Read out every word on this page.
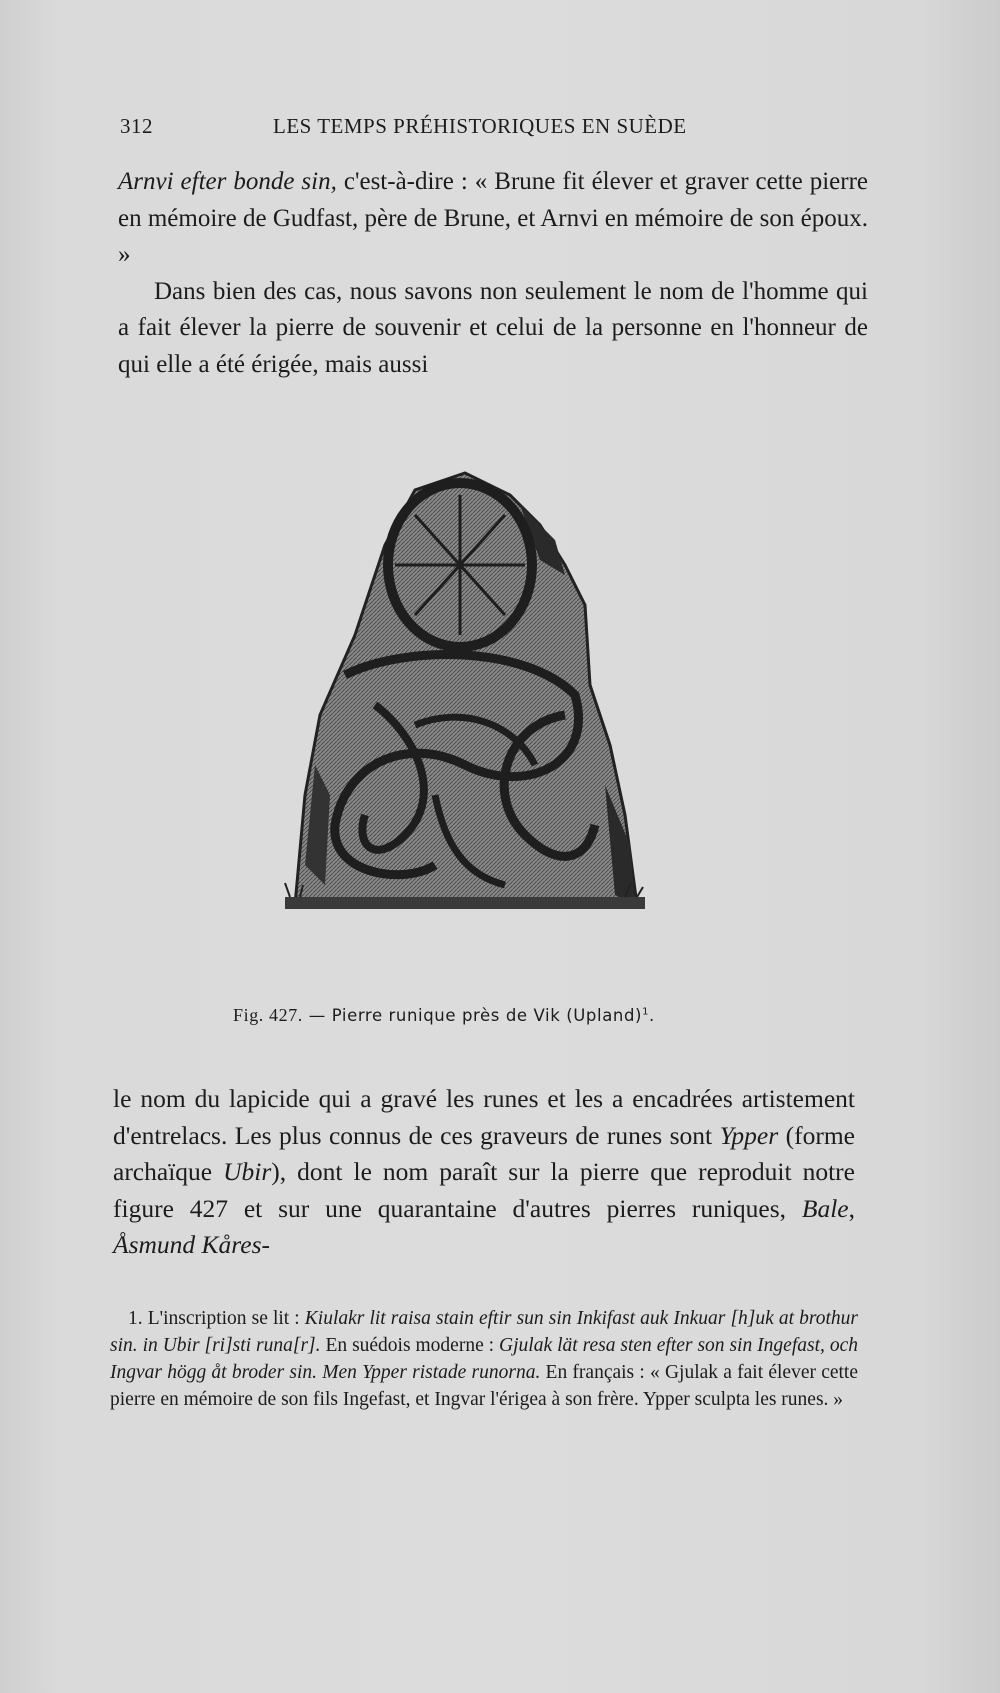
312	LES TEMPS PRÉHISTORIQUES EN SUÈDE

Arnvi efter bonde sin, c'est-à-dire : « Brune fit élever et graver cette pierre en mémoire de Gudfast, père de Brune, et Arnvi en mémoire de son époux. »

Dans bien des cas, nous savons non seulement le nom de l'homme qui a fait élever la pierre de souvenir et celui de la personne en l'honneur de qui elle a été érigée, mais aussi

Fig. 427. — Pierre runique près de Vik (Upland)$^1$.

le nom du lapicide qui a gravé les runes et les a encadrées artistement d'entrelacs. Les plus connus de ces graveurs de runes sont Ypper (forme archaïque Ubir), dont le nom paraît sur la pierre que reproduit notre figure 427 et sur une quarantaine d'autres pierres runiques, Bale, Åsmund Kåres-

1. L'inscription se lit : Kiulakr lit raisa stain eftir sun sin Inkifast auk Inkuar [h]uk at brothur sin. in Ubir [ri]sti runa[r]. En suédois moderne : Gjulak lät resa sten efter son sin Ingefast, och Ingvar högg åt broder sin. Men Ypper ristade runorna. En français : « Gjulak a fait élever cette pierre en mémoire de son fils Ingefast, et Ingvar l'érigea à son frère. Ypper sculpta les runes. »
